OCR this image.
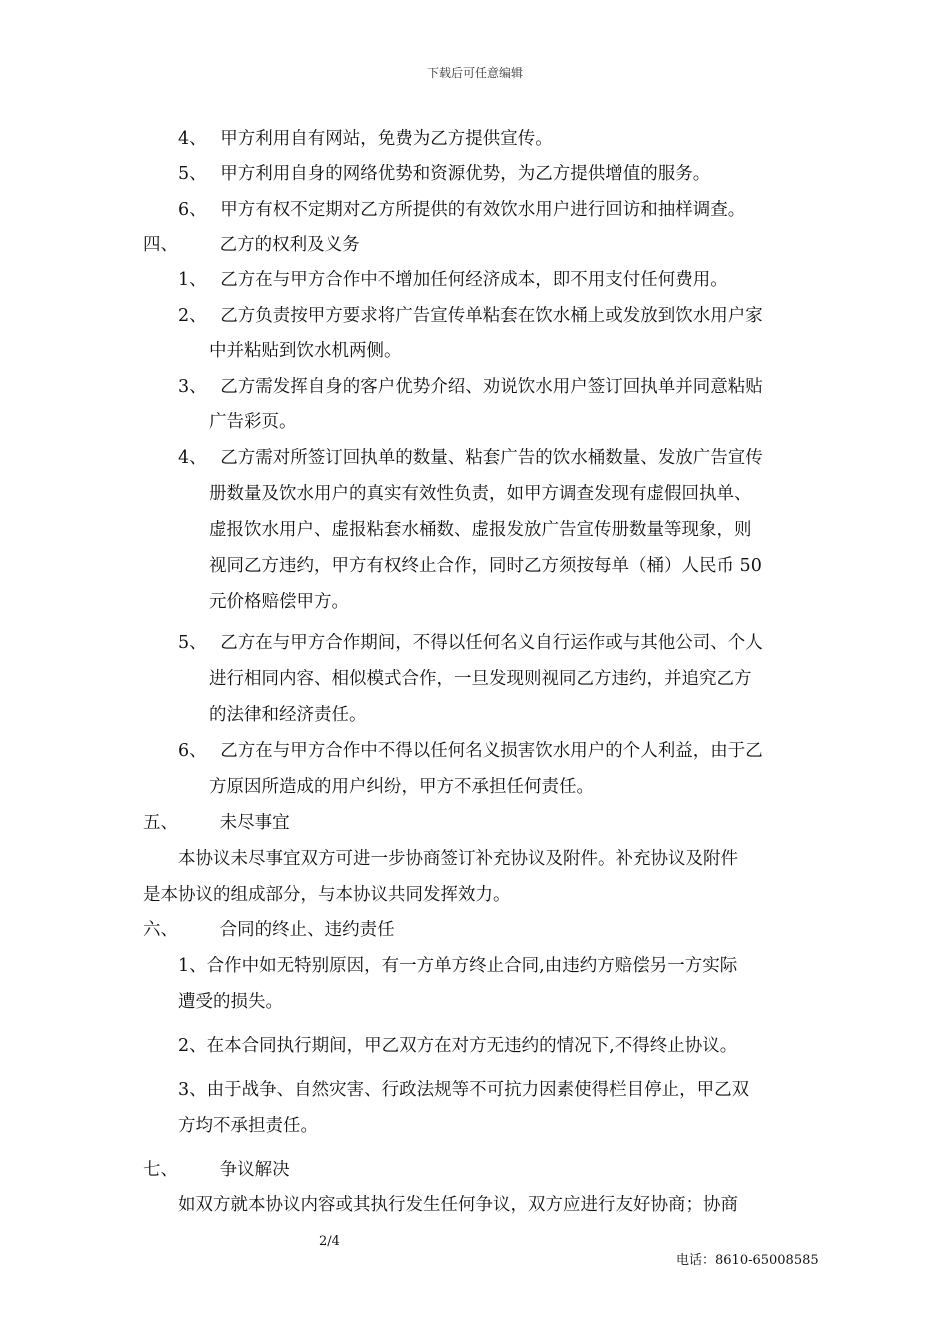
下载后可任意编辑
4、 甲方利用自有网站，免费为乙方提供宣传。
5、 甲方利用自身的网络优势和资源优势，为乙方提供增值的服务。
6、 甲方有权不定期对乙方所提供的有效饮水用户进行回访和抽样调查。
四、 乙方的权利及义务
1、 乙方在与甲方合作中不增加任何经济成本，即不用支付任何费用。
2、 乙方负责按甲方要求将广告宣传单粘套在饮水桶上或发放到饮水用户家
中并粘贴到饮水机两侧。
3、 乙方需发挥自身的客户优势介绍、劝说饮水用户签订回执单并同意粘贴
广告彩页。
4、 乙方需对所签订回执单的数量、粘套广告的饮水桶数量、发放广告宣传
册数量及饮水用户的真实有效性负责，如甲方调查发现有虚假回执单、
虚报饮水用户、虚报粘套水桶数、虚报发放广告宣传册数量等现象，则
视同乙方违约，甲方有权终止合作，同时乙方须按每单（桶）人民币 50
元价格赔偿甲方。
5、 乙方在与甲方合作期间，不得以任何名义自行运作或与其他公司、个人
进行相同内容、相似模式合作，一旦发现则视同乙方违约，并追究乙方
的法律和经济责任。
6、 乙方在与甲方合作中不得以任何名义损害饮水用户的个人利益，由于乙
方原因所造成的用户纠纷，甲方不承担任何责任。
五、 未尽事宜
本协议未尽事宜双方可进一步协商签订补充协议及附件。补充协议及附件
是本协议的组成部分，与本协议共同发挥效力。
六、 合同的终止、违约责任
1、合作中如无特别原因，有一方单方终止合同,由违约方赔偿另一方实际
遭受的损失。
2、在本合同执行期间，甲乙双方在对方无违约的情况下,不得终止协议。
3、由于战争、自然灾害、行政法规等不可抗力因素使得栏目停止，甲乙双
方均不承担责任。
七、 争议解决
如双方就本协议内容或其执行发生任何争议，双方应进行友好协商；协商
2/4
电话：8610-65008585
